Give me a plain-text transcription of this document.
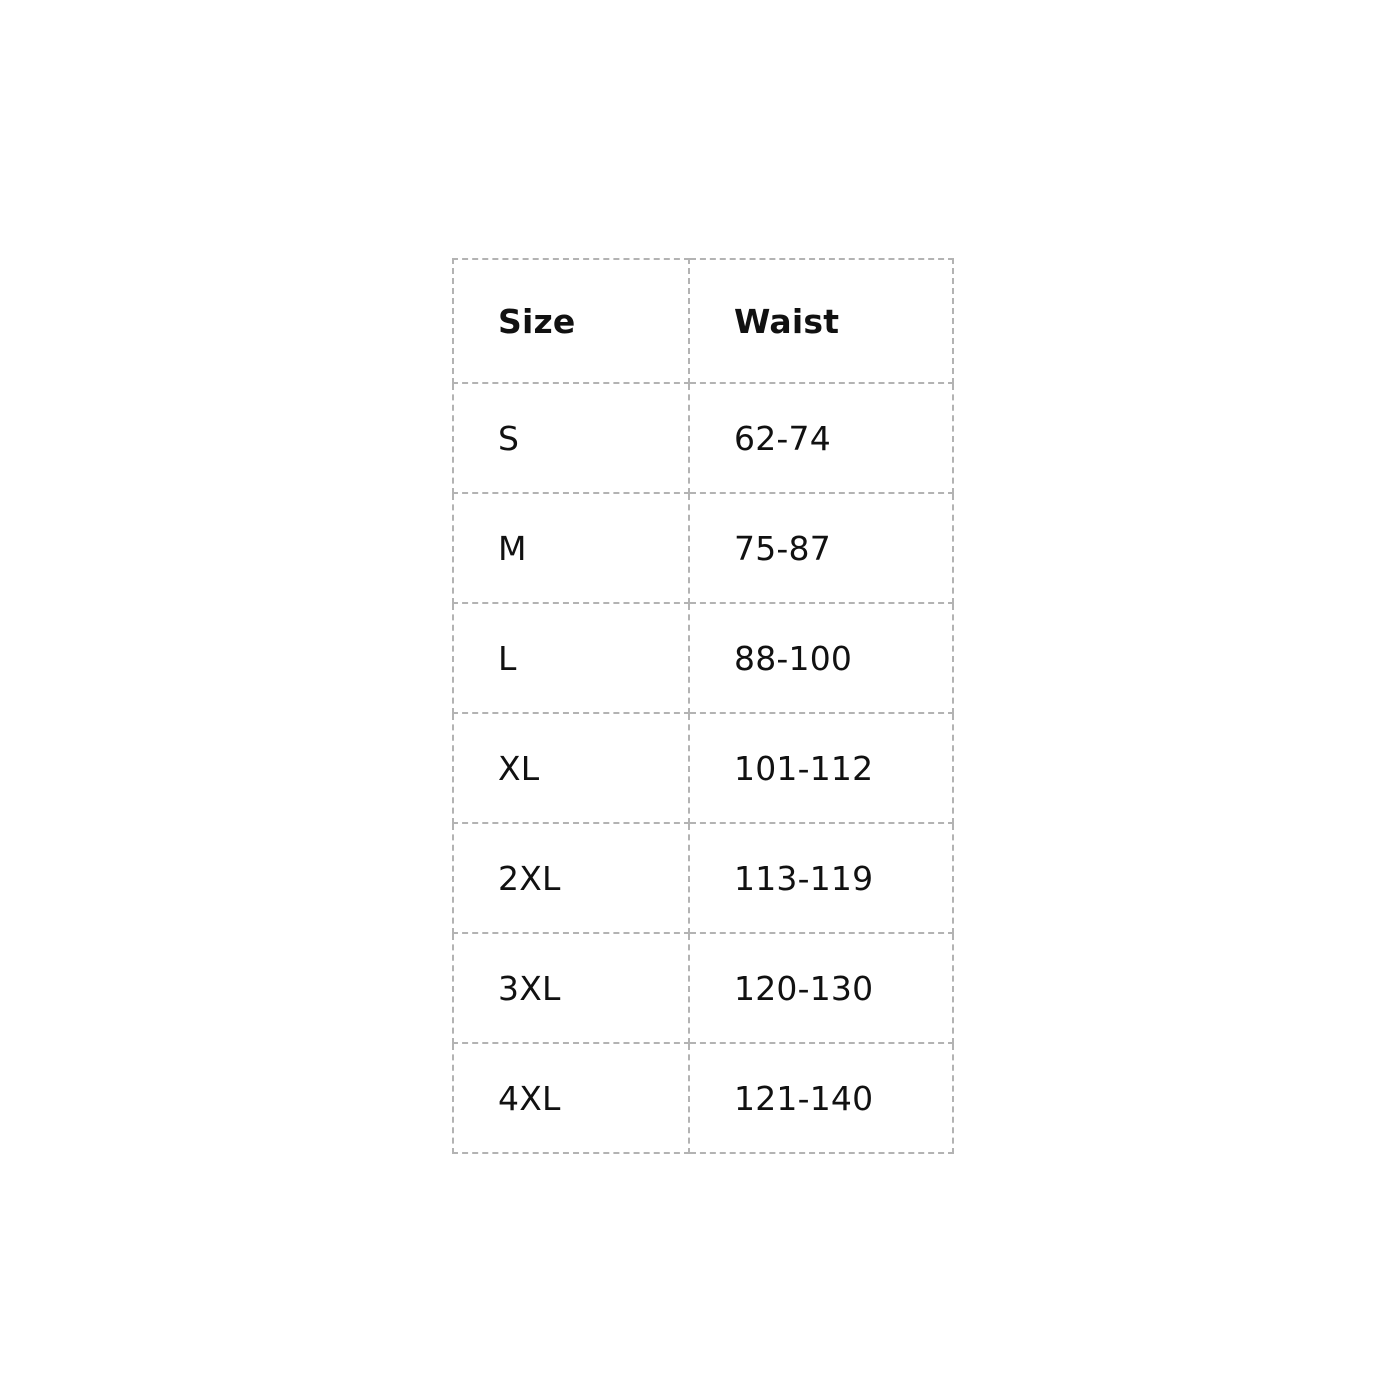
Size	Waist
S	62-74
M	75-87
L	88-100
XL	101-112
2XL	113-119
3XL	120-130
4XL	121-140
